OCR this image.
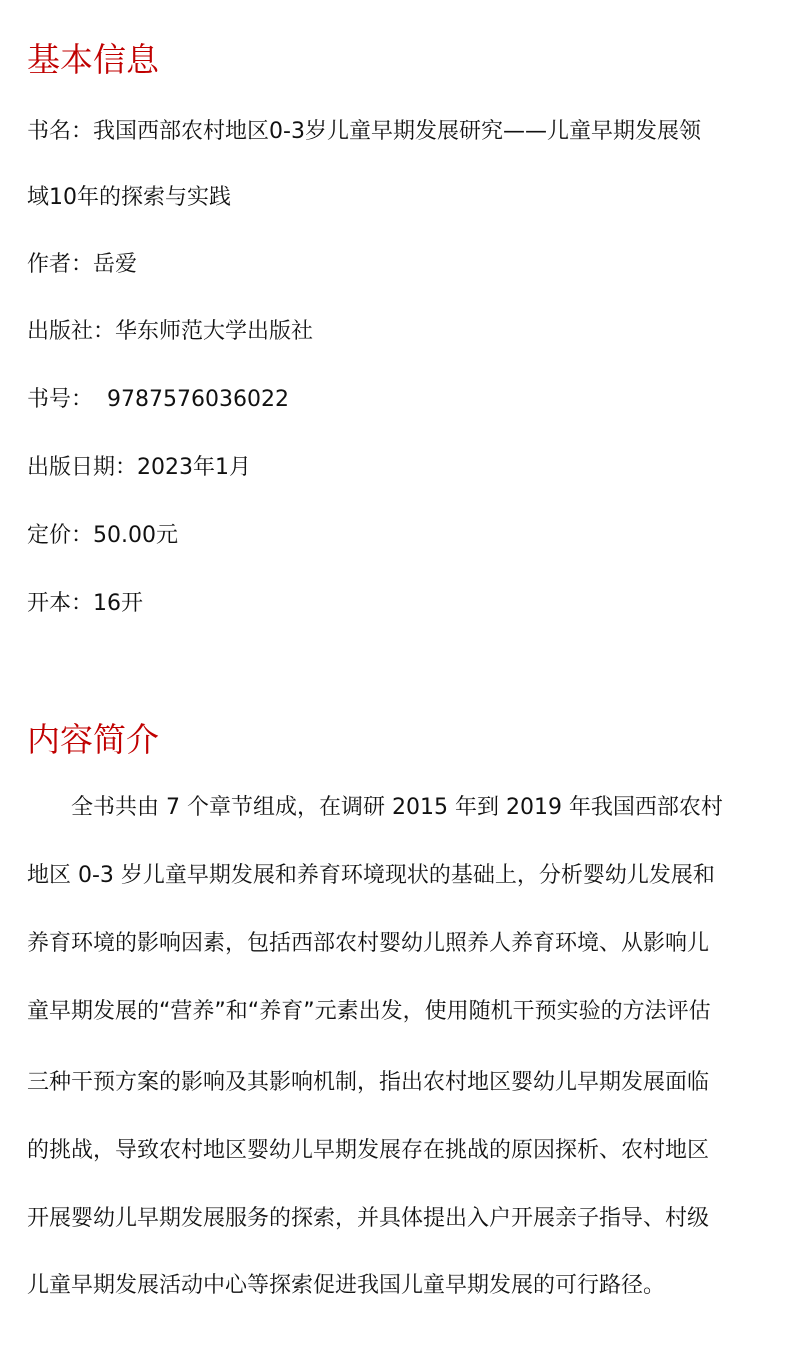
基本信息

书名：我国西部农村地区0-3岁儿童早期发展研究——儿童早期发展领

域10年的探索与实践

作者：岳爱

出版社：华东师范大学出版社

书号： 9787576036022

出版日期：2023年1月

定价：50.00元

开本：16开

内容简介

全书共由 7 个章节组成，在调研 2015 年到 2019 年我国西部农村

地区 0-3 岁儿童早期发展和养育环境现状的基础上，分析婴幼儿发展和

养育环境的影响因素，包括西部农村婴幼儿照养人养育环境、从影响儿

童早期发展的“营养”和“养育”元素出发，使用随机干预实验的方法评估

三种干预方案的影响及其影响机制，指出农村地区婴幼儿早期发展面临

的挑战，导致农村地区婴幼儿早期发展存在挑战的原因探析、农村地区

开展婴幼儿早期发展服务的探索，并具体提出入户开展亲子指导、村级

儿童早期发展活动中心等探索促进我国儿童早期发展的可行路径。
